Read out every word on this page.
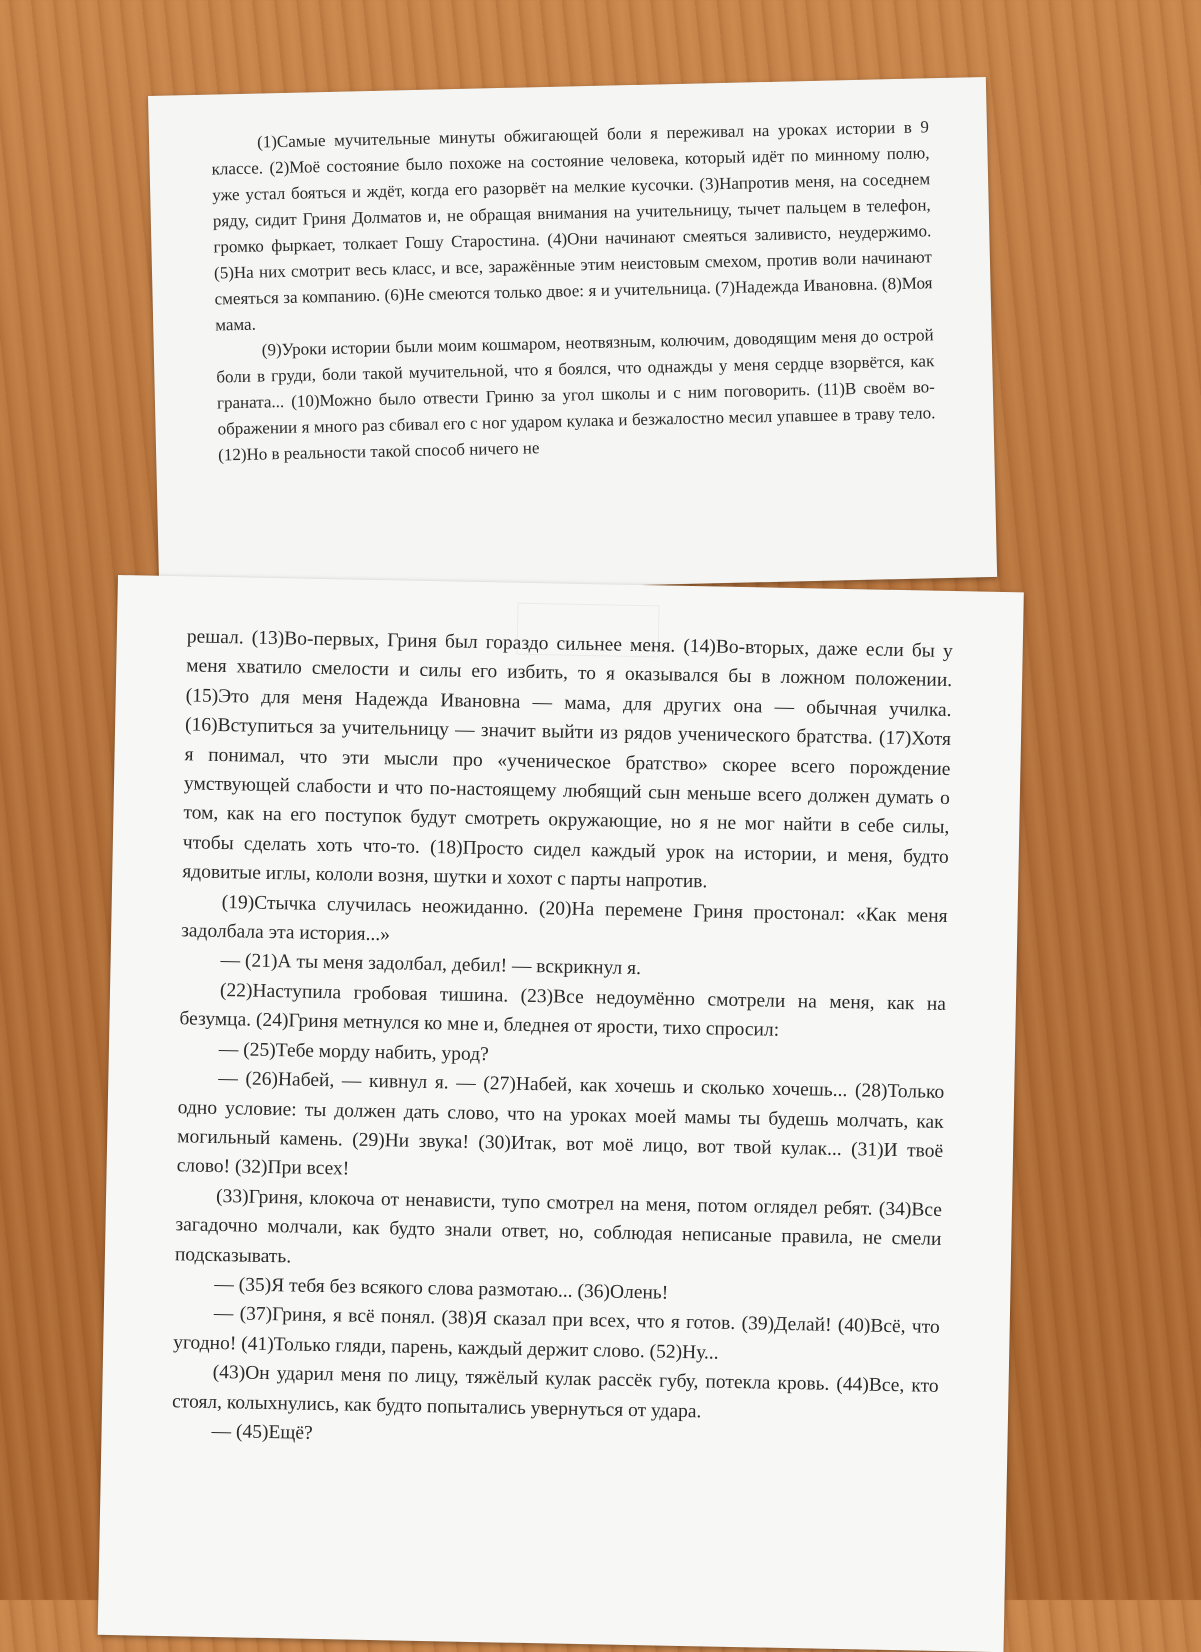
(1)Самые мучительные минуты обжигающей боли я переживал на уроках истории в 9 классе. (2)Моё состояние было похоже на состояние человека, который идёт по минному полю, уже устал бояться и ждёт, когда его разорвёт на мелкие кусочки. (3)Напротив меня, на соседнем ряду, сидит Гриня Долматов и, не обращая внимания на учительницу, тычет пальцем в телефон, громко фыркает, толкает Гошу Старостина. (4)Они начинают смеяться заливисто, неудержимо. (5)На них смотрит весь класс, и все, заражённые этим неистовым смехом, против воли начинают смеяться за компанию. (6)Не смеются только двое: я и учительница. (7)Надежда Ивановна. (8)Моя мама.

(9)Уроки истории были моим кошмаром, неотвязным, колючим, доводящим меня до острой боли в груди, боли такой мучительной, что я боялся, что однажды у меня сердце взорвётся, как граната... (10)Можно было отвести Гриню за угол школы и с ним поговорить. (11)В своём воображении я много раз сбивал его с ног ударом кулака и безжалостно месил упавшее в траву тело. (12)Но в реальности такой способ ничего не

решал. (13)Во-первых, Гриня был гораздо сильнее меня. (14)Во-вторых, даже если бы у меня хватило смелости и силы его избить, то я оказывался бы в ложном положении. (15)Это для меня Надежда Ивановна — мама, для других она — обычная училка. (16)Вступиться за учительницу — значит выйти из рядов ученического братства. (17)Хотя я понимал, что эти мысли про «ученическое братство» скорее всего порождение умствующей слабости и что по-настоящему любящий сын меньше всего должен думать о том, как на его поступок будут смотреть окружающие, но я не мог найти в себе силы, чтобы сделать хоть что-то. (18)Просто сидел каждый урок на истории, и меня, будто ядовитые иглы, кололи возня, шутки и хохот с парты напротив.

(19)Стычка случилась неожиданно. (20)На перемене Гриня простонал: «Как меня задолбала эта история...»

— (21)А ты меня задолбал, дебил! — вскрикнул я.

(22)Наступила гробовая тишина. (23)Все недоумённо смотрели на меня, как на безумца. (24)Гриня метнулся ко мне и, бледнея от ярости, тихо спросил:

— (25)Тебе морду набить, урод?

— (26)Набей, — кивнул я. — (27)Набей, как хочешь и сколько хочешь... (28)Только одно условие: ты должен дать слово, что на уроках моей мамы ты будешь молчать, как могильный камень. (29)Ни звука! (30)Итак, вот моё лицо, вот твой кулак... (31)И твоё слово! (32)При всех!

(33)Гриня, клокоча от ненависти, тупо смотрел на меня, потом оглядел ребят. (34)Все загадочно молчали, как будто знали ответ, но, соблюдая неписаные правила, не смели подсказывать.

— (35)Я тебя без всякого слова размотаю... (36)Олень!

— (37)Гриня, я всё понял. (38)Я сказал при всех, что я готов. (39)Делай! (40)Всё, что угодно! (41)Только гляди, парень, каждый держит слово. (52)Ну...

(43)Он ударил меня по лицу, тяжёлый кулак рассёк губу, потекла кровь. (44)Все, кто стоял, колыхнулись, как будто попытались увернуться от удара.

— (45)Ещё?
